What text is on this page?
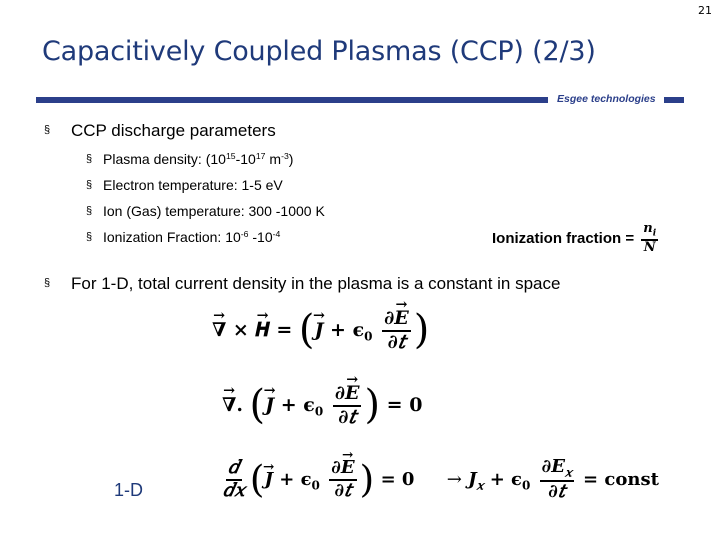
21
Capacitively Coupled Plasmas (CCP) (2/3)
Esgee technologies
§ CCP discharge parameters
§ Plasma density: ($10^{15}-10^{17}$ $m^{-3}$)
§ Electron temperature: 1-5 eV
§ Ion (Gas) temperature: 300 -1000 K
§ Ionization Fraction: $10^{-6}$ $-10^{-4}$	Ionization fraction = $\frac{n_i}{N}$
§ For 1-D, total current density in the plasma is a constant in space
→ ∇ × → 𝑯 = (→ 𝑱 + $\epsilon_0 \frac{\text{∂→ 𝑬}}{\text{∂𝑡}}$ )
→ ∇. (→ 𝑱 + $\epsilon_0 \frac{\text{∂→ 𝑬}}{\text{∂𝑡}}$ ) = 0
1-D	$\frac{\text{𝑑}}{\text{𝑑𝑥}}$ (→ 𝑱 + $\epsilon_0 \frac{\text{∂→ 𝑬}}{\text{∂𝑡}}$ ) = 0 → 𝑱$_𝑥$ + $\epsilon_0 \frac{\partial 𝑬_𝑥}{\text{∂𝑡}}$ = const
